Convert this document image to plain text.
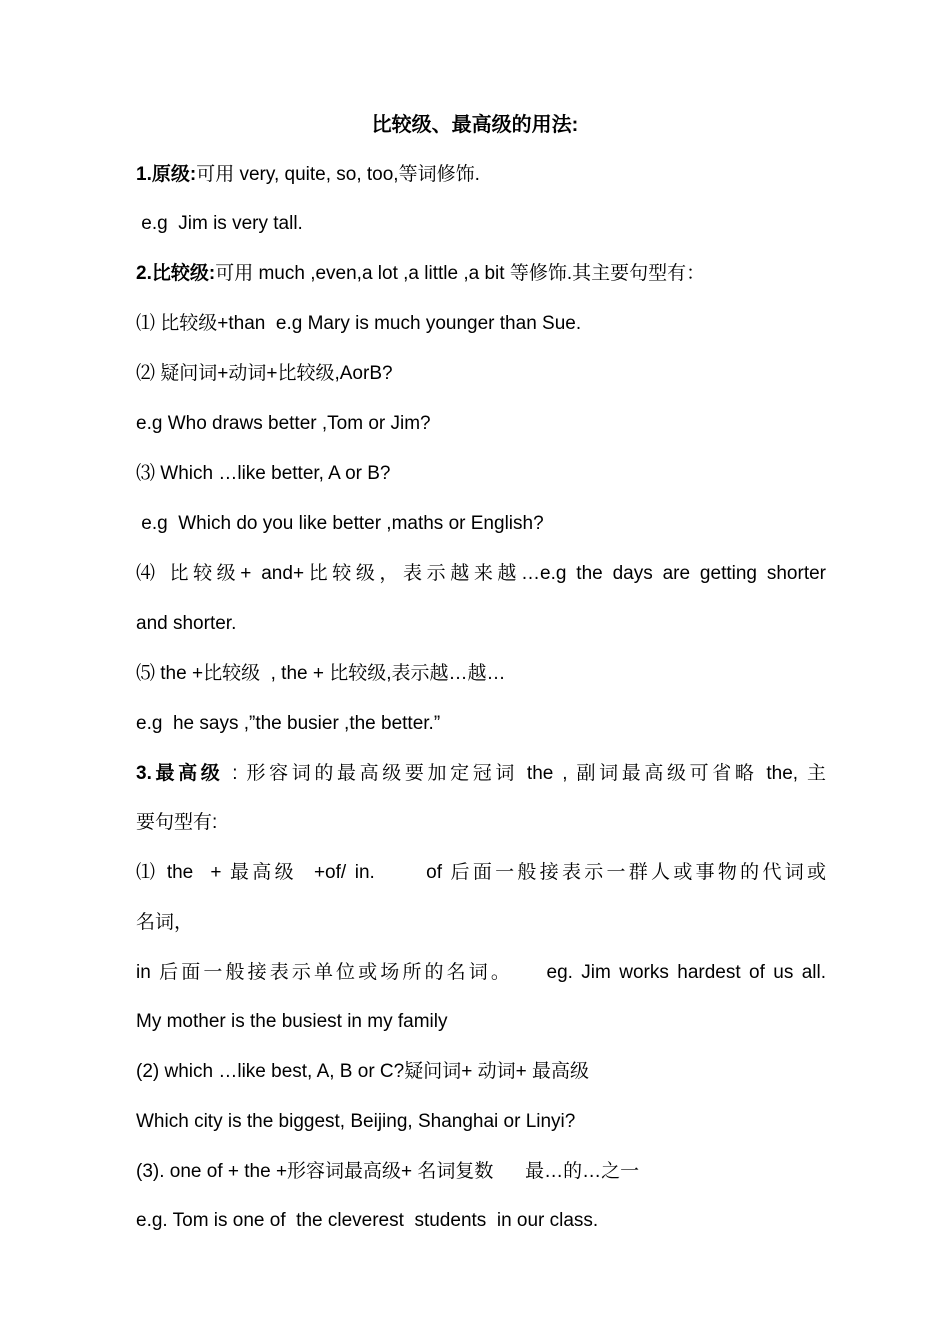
比较级、最高级的用法:
1.原级:可用 very, quite, so, too,等词修饰.
e.g  Jim is very tall.
2.比较级:可用 much ,even,a lot ,a little ,a bit 等修饰.其主要句型有：
⑴ 比较级+than  e.g Mary is much younger than Sue.
⑵ 疑问词+动词+比较级,AorB?
e.g Who draws better ,Tom or Jim?
⑶ Which …like better, A or B?
e.g  Which do you like better ,maths or English?
⑷ 比较级+ and+比较级，表示越来越…e.g the days are getting shorter
and shorter.
⑸ the +比较级  , the + 比较级,表示越…越…
e.g  he says ,”the busier ,the better.”
3.最高级 : 形容词的最高级要加定冠词 the , 副词最高级可省略 the, 主
要句型有:
⑴ the  + 最高级  +of/ in.      of 后面一般接表示一群人或事物的代词或
名词，
in 后面一般接表示单位或场所的名词。    eg. Jim works hardest of us all.
My mother is the busiest in my family
(2) which …like best, A, B or C?疑问词+ 动词+ 最高级
Which city is the biggest, Beijing, Shanghai or Linyi?
(3). one of + the +形容词最高级+ 名词复数      最…的…之一
e.g. Tom is one of  the cleverest  students  in our class.
